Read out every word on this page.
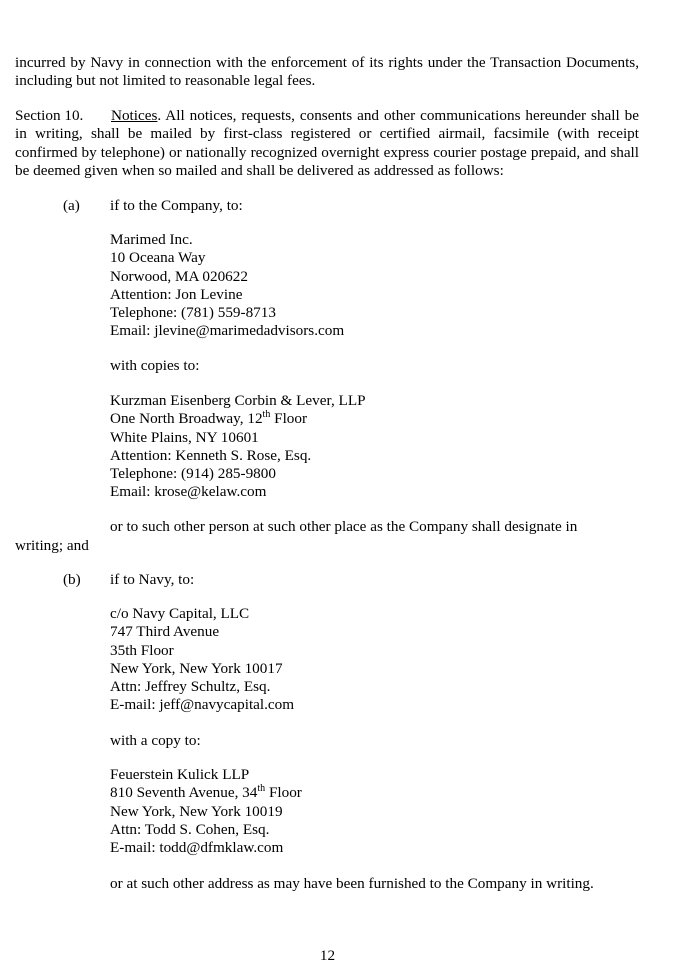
incurred by Navy in connection with the enforcement of its rights under the Transaction Documents, including but not limited to reasonable legal fees.

Section 10. Notices. All notices, requests, consents and other communications hereunder shall be in writing, shall be mailed by first-class registered or certified airmail, facsimile (with receipt confirmed by telephone) or nationally recognized overnight express courier postage prepaid, and shall be deemed given when so mailed and shall be delivered as addressed as follows:

(a) if to the Company, to:
Marimed Inc.
10 Oceana Way
Norwood, MA 020622
Attention: Jon Levine
Telephone: (781) 559-8713
Email: jlevine@marimedadvisors.com
with copies to:
Kurzman Eisenberg Corbin & Lever, LLP
One North Broadway, 12th Floor
White Plains, NY 10601
Attention: Kenneth S. Rose, Esq.
Telephone: (914) 285-9800
Email: krose@kelaw.com
or to such other person at such other place as the Company shall designate in
writing; and
(b) if to Navy, to:
c/o Navy Capital, LLC
747 Third Avenue
35th Floor
New York, New York 10017
Attn: Jeffrey Schultz, Esq.
E-mail: jeff@navycapital.com
with a copy to:
Feuerstein Kulick LLP
810 Seventh Avenue, 34th Floor
New York, New York 10019
Attn: Todd S. Cohen, Esq.
E-mail: todd@dfmklaw.com
or at such other address as may have been furnished to the Company in writing.
12
